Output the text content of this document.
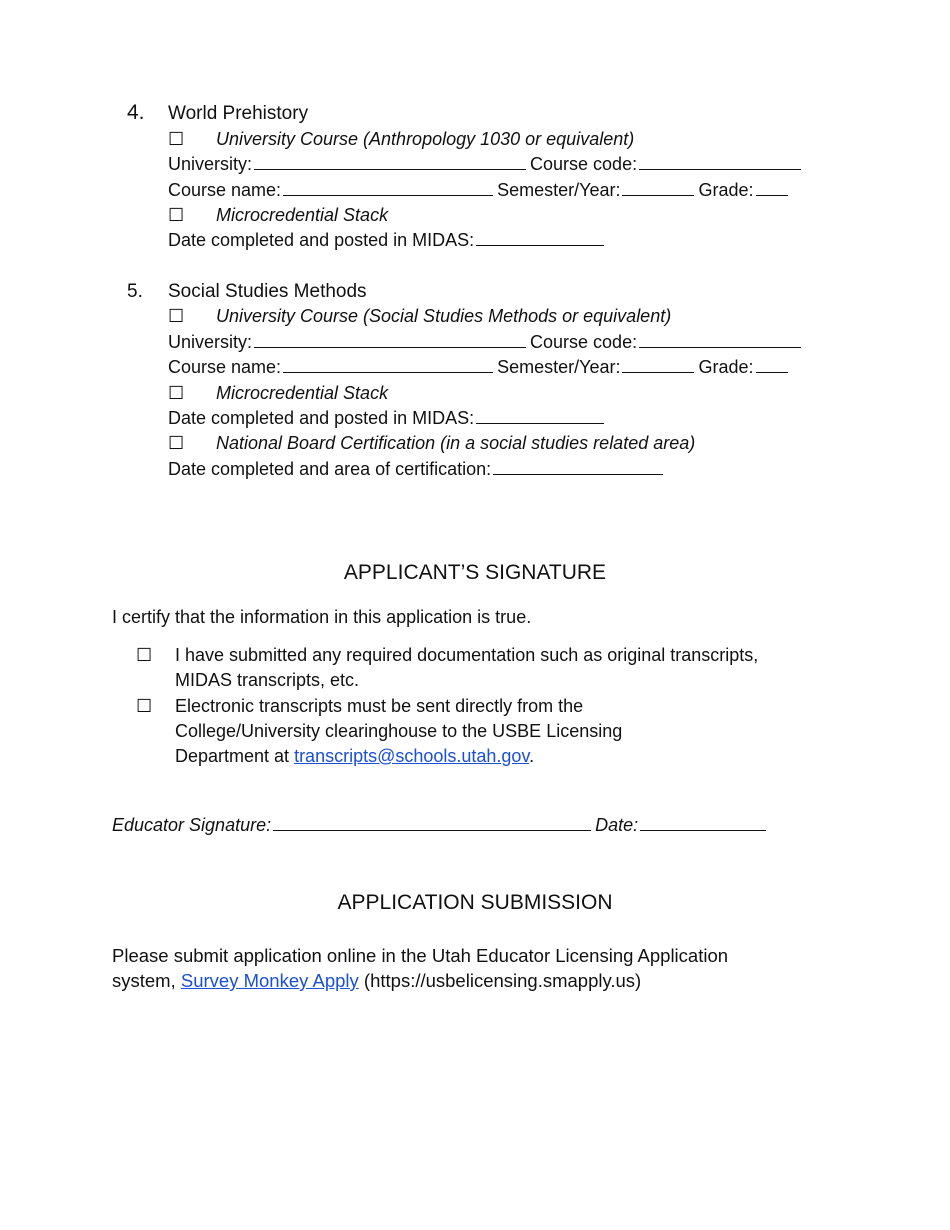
4. World Prehistory
☐ University Course (Anthropology 1030 or equivalent)
University:	Course code:
Course name:	Semester/Year:	Grade:
☐ Microcredential Stack
Date completed and posted in MIDAS:
5. Social Studies Methods
☐ University Course (Social Studies Methods or equivalent)
University:	Course code:
Course name:	Semester/Year:	Grade:
☐ Microcredential Stack
Date completed and posted in MIDAS:
☐ National Board Certification (in a social studies related area)
Date completed and area of certification:
APPLICANT’S SIGNATURE
I certify that the information in this application is true.
☐ I have submitted any required documentation such as original transcripts,
MIDAS transcripts, etc.
☐ Electronic transcripts must be sent directly from the
College/University clearinghouse to the USBE Licensing
Department at transcripts@schools.utah.gov.
Educator Signature:	Date:
APPLICATION SUBMISSION
Please submit application online in the Utah Educator Licensing Application
system, Survey Monkey Apply (https://usbelicensing.smapply.us)
